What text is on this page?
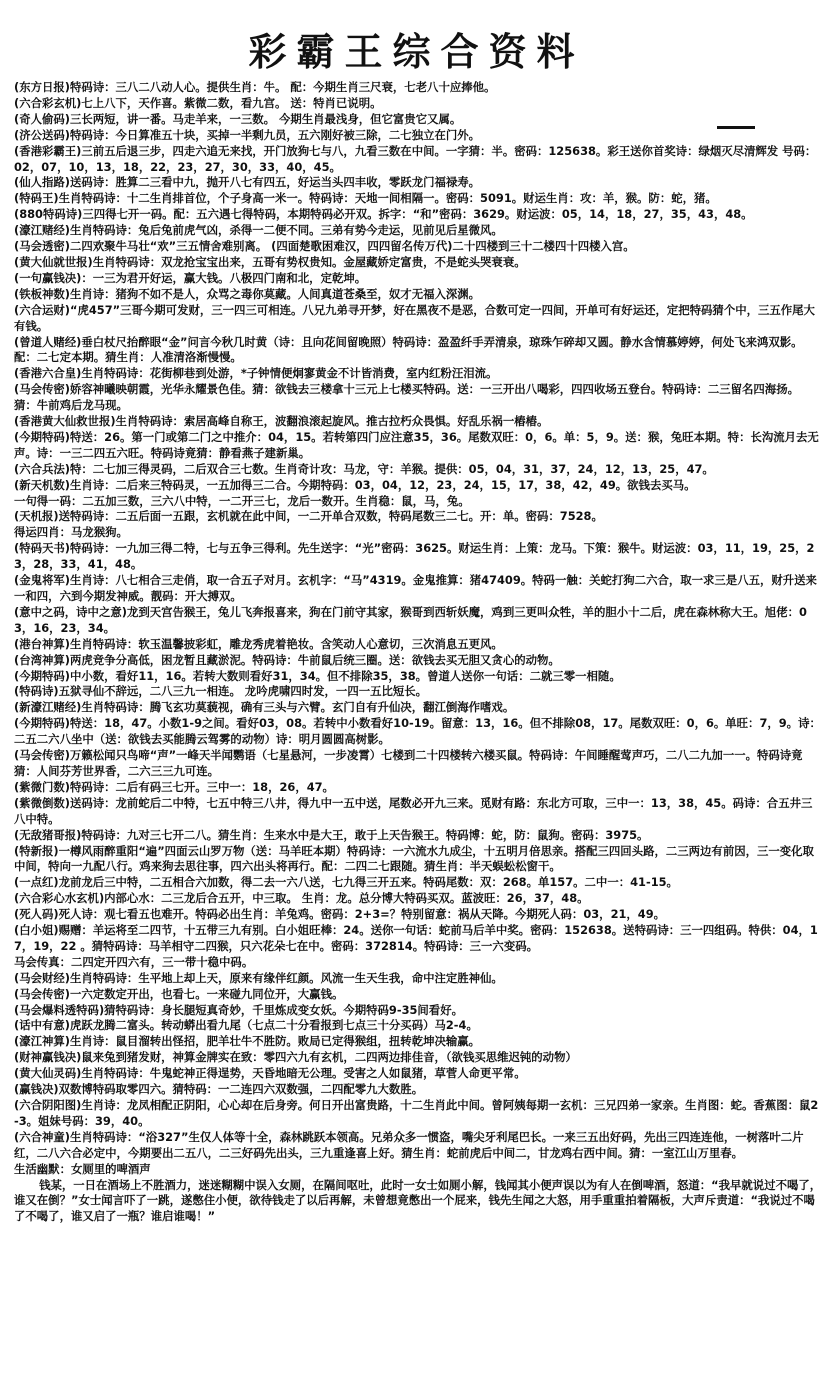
彩霸王综合资料

(东方日报)特码诗：三八二八动人心。提供生肖：牛。 配：今期生肖三尺衰，七老八十应捧他。

(六合彩玄机)七上八下，天作喜。紫微二数，看九宫。 送：特肖已说明。

(奇人偷码)三长两短，讲一番。马走羊来，一三数。 今期生肖最浅身，但它富贵它又属。

(济公送码)特码诗：今日算准五十块，买掉一半剩九员，五六刚好被三除，二七独立在门外。

(香港彩霸王)三前五后退三步，四走六追无来找，开门放狗七与八，九看三数在中间。一字猜：半。密码：125638。彩王送你首奖诗：绿烟灭尽清辉发 号码：02，07，10，13，18，22，23，27，30，33，40，45。

(仙人指路)送码诗：胜算二三看中九，抛开八七有四五，好运当头四丰收，零跃龙门福禄寿。

(特码王)生肖特码诗：十二生肖排首位，个子身高一米一。特码诗：天地一间相隔一。密码：5091。财运生肖：攻：羊，猴。防：蛇，猪。

(880特码诗)三四得七开一码。配：五六遇七得特码，本期特码必开双。拆字：“和”密码：3629。财运波：05，14，18，27，35，43，48。

(濠江赌经)生肖特码诗：兔后兔前虎气凶，杀得一二便不同。三弟有势今走运，见前见后星微风。

(马会透密)二四欢聚牛马壮“欢”三五情舍难别离。 (四面楚歌困难汉，四四留名传万代)二十四楼到三十二楼四十四楼入宫。

(黄大仙就世报)生肖特码诗：双龙抢宝宝出来，五哥有势权贵知。金屋藏娇定富贵，不是蛇头哭衰衰。

(一句赢钱决)：一三为君开好运，赢大钱。八极四门南和北，定乾坤。

(铁板神数)生肖诗：猪狗不如不是人，众骂之毒你莫藏。人间真道苍桑至，奴才无福入深渊。

(六合运财)“虎457”三哥今期可发财，三一四三可相连。八兄九弟寻开梦，好在黑夜不是恶，合数可定一四间，开单可有好运还，定把特码猜个中，三五作尾大有钱。

(曾道人赌经)垂白杖尺抬醉眼“金”问言今秋几时黄（诗：且向花间留晚照）特码诗：盈盈纤手弄清泉，琼珠乍碎却又圆。静水含情慕婷婷，何处飞来鸿双影。配：二七定本期。猜生肖：人准清洛渐慢慢。

(香港六合皇)生肖特码诗：花街柳巷到处游，*子钟情便炯寥黄金不计皆消费，室内红粉汪泪流。

(马会传密)娇容神曦映朝霞，光华永耀景色佳。猜：欲钱去三楼拿十三元上七楼买特码。送：一三开出八喝彩，四四收场五登台。特码诗：二三留名四海扬。 猜：牛前鸡后龙马现。

(香港黄大仙救世报)生肖特码诗：索居高峰自称王，波翻浪滚起旋风。推古拉朽众畏惧。好乱乐祸一樁樁。

(今期特码)特送：26。第一门或第二门之中推介：04，15。若转第四门应注意35，36。尾数双旺：0，6。单：5，9。送：猴，兔旺本期。特：长沟流月去无声。诗：一三二四五六旺。特码诗竟猜：静看燕子建新巢。

(六合兵法)特：二七加三得灵码，二后双合三七数。生肖奇计攻：马龙，守：羊猴。提供：05，04，31，37，24，12，13，25，47。

(新天机数)生肖诗：二后来三特码灵，一五加得三二合。今期特码：03，04，12，23，24，15，17，38，42，49。欲钱去买马。

一句得一码：二五加三数，三六八中特，一二开三七，龙后一数开。生肖稳：鼠，马，兔。

(天机报)送特码诗：二五后面一五跟，玄机就在此中间，一二开单合双数，特码尾数三二七。开：单。密码：7528。

得运四肖：马龙猴狗。

(特码天书)特码诗：一九加三得二特，七与五争三得利。先生送字：“光”密码：3625。财运生肖：上策：龙马。下策：猴牛。财运波：03，11，19，25，23，28，33，41，48。

(金鬼将军)生肖诗：八七相合三走俏，取一合五子对月。玄机字：“马”4319。金鬼推算：猪47409。特码一触：关蛇打狗二六合，取一求三是八五，财升送来一和四，六到今期发神威。靓码：开大搏双。

(意中之码，诗中之意)龙到天宫告猴王，兔儿飞奔报喜来，狗在门前守其家，猴哥到西斩妖魔，鸡到三更叫众牲，羊的胆小十二后，虎在森林称大王。旭佬：03，16，23，34。

(港台神算)生肖特码诗：软玉温馨披彩虹，雕龙秀虎着艳妆。含笑动人心意切，三次消息五更风。

(台湾神算)两虎竞争分高低，困龙暂且藏淤泥。特码诗：牛前鼠后统三圈。送：欲钱去买无胆又贪心的动物。

(今期特码)中小数，看好11，16。若转大数则看好31，34。但不排除35，38。曾道人送你一句话：二就三零一相随。

(特码诗)五狱寻仙不辞远，二八三九一相连。 龙吟虎啸四时发，一四一五比短长。

(新濠江赌经)生肖特码诗：腾飞玄功莫藐视，确有三头与六臂。玄门自有升仙决，翻江倒海作嗜戏。

(今期特码)特送：18，47。小数1-9之间。看好03，08。若转中小数看好10-19。留意：13，16。但不排除08，17。尾数双旺：0，6。单旺：7，9。诗：二五二六八坐中（送：欲钱去买能腾云驾雾的动物）诗：明月圆圆高树影。

(马会传密)万籁松闻只鸟啼“声”一峰天半闻鹦语（七星悬河，一步凌霄）七楼到二十四楼转六楼买鼠。特码诗：午间睡醒莺声巧，二八二九加一一。特码诗竟猜：人间芬芳世界香，二六三三九可连。

(紫微门数)特码诗：二后有码三七开。三中一：18，26，47。

(紫微倒数)送码诗：龙前蛇后二中特，七五中特三八井，得九中一五中送，尾数必开九三来。觅财有路：东北方可取，三中一：13，38，45。码诗：合五井三八中特。

(无敌猪哥报)特码诗：九对三七开二八。猜生肖：生来水中是大王，敢于上天告猴王。特码博：蛇，防：鼠狗。密码：3975。

(特新报)一樽风雨醉重阳“遍”四面云山罗万物（送：马羊旺本期）特码诗：一六流水九成尘，十五明月倍思亲。搭配三四回头路，二三两边有前因，三一变化取中间，特向一九配八行。鸡来狗去思往事，四六出头将再行。配：二四二七跟随。猜生肖：半天蜈蚣松窗干。

(一点红)龙前龙后三中特，二五相合六加数，得二去一六八送，七九得三开五来。特码尾数：双：268。单157。二中一：41-15。

(六合彩心水玄机)内部心水：二三龙后合五开，中三取。 生肖：龙。总分博大特码买双。蓝波旺：26，37，48。

(死人码)死人诗：观七看五也难开。特码必出生肖：羊兔鸡。密码：2+3=？特别留意：祸从天降。今期死人码：03，21，49。

(白小姐)赐赠：羊运将至二四节，十五带三九有别。白小姐旺棒：24。送你一句话：蛇前马后羊中奖。密码：152638。送特码诗：三一四组码。特供：04，17，19，22 。猜特码诗：马羊相守二四猴，只六花朵七在中。密码：372814。特码诗：三一六变码。

马会传真：二四定开四六有，三一带十稳中码。

(马会财经)生肖特码诗：生平地上却上天，原来有缘伴红颜。风流一生天生我，命中注定胜神仙。

(马会传密)一六定数定开出，也看七。一来碰九同位开，大赢钱。

(马会爆料透特码)猜特码诗：身长腿短真奇妙，千里炼成变女妖。今期特码9-35间看好。

(话中有意)虎跃龙腾二富头。转动蟒出看九尾（七点二十分看报到七点三十分买码）马2-4。

(濠江神算)生肖诗：鼠目溜转出怪招，肥羊壮牛不胜防。败局已定得猴组，扭转乾坤决输赢。

(财神赢钱决)鼠来兔到猪发财，神算金牌实在致：零四六九有玄机，二四两边排佳音，（欲钱买思维迟钝的动物）

(黄大仙灵码)生肖特码诗：牛鬼蛇神正得逞势，天昏地暗无公理。受害之人如鼠猪，草菅人命更平常。

(赢钱决)双数博特码取零四六。猜特码：一二连四六双数强，二四配零九大数胜。

(六合阴阳图)生肖诗：龙凤相配正阴阳，心心却在后身旁。何日开出富贵路，十二生肖此中间。曾阿姨每期一玄机：三兄四弟一家亲。生肖图：蛇。香蕉图：鼠2-3。姐妹号码：39，40。

(六合神童)生肖特码诗：“浴327”生仅人体等十全，森林跳跃本领高。兄弟众多一惯盗，嘴尖牙利尾巴长。一来三五出好码，先出三四连连他，一树落叶二片红，二八六合必定中，今期要出二五八，二三好码先出头，三九重逢喜上好。猜生肖：蛇前虎后中间二，甘龙鸡右西中间。猜：一室江山万里春。

生活幽默：女厕里的啤酒声

钱某，一日在酒场上不胜酒力，迷迷糊糊中误入女厕，在隔间呕吐，此时一女士如厕小解，钱闻其小便声误以为有人在倒啤酒，怒道：“我早就说过不喝了，谁又在倒？”女士闻言吓了一跳，遂憋住小便，欲待钱走了以后再解，未曾想竟憋出一个屁来，钱先生闻之大怒，用手重重拍着隔板，大声斥责道：“我说过不喝了不喝了，谁又启了一瓶？谁启谁喝！”
